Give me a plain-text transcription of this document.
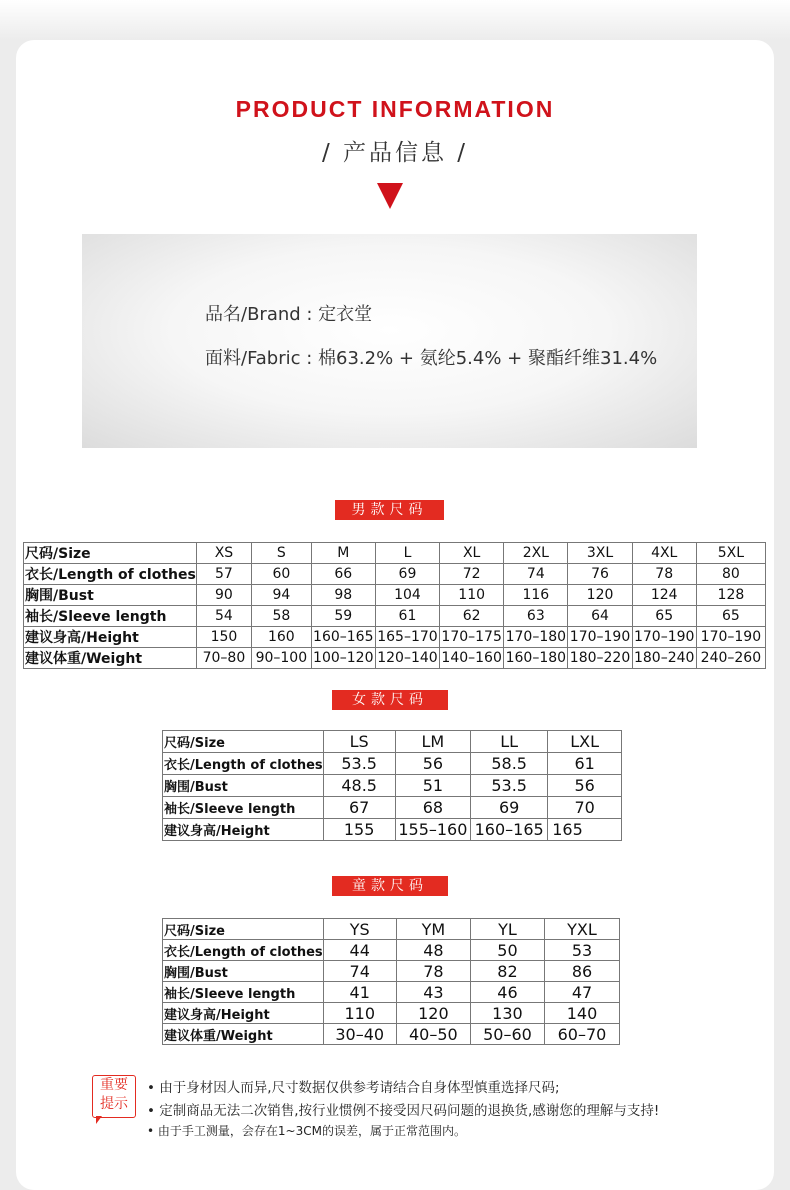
PRODUCT INFORMATION
/ 产品信息 /
品名/Brand : 定衣堂
面料/Fabric : 棉63.2% + 氨纶5.4% + 聚酯纤维31.4%
男款尺码
尺码/Size	XS	S	M	L	XL	2XL	3XL	4XL	5XL
衣长/Length of clothes	57	60	66	69	72	74	76	78	80
胸围/Bust	90	94	98	104	110	116	120	124	128
袖长/Sleeve length	54	58	59	61	62	63	64	65	65
建议身高/Height	150	160	160–165	165–170	170–175	170–180	170–190	170–190	170–190
建议体重/Weight	70–80	90–100	100–120	120–140	140–160	160–180	180–220	180–240	240–260
女款尺码
尺码/Size	LS	LM	LL	LXL
衣长/Length of clothes	53.5	56	58.5	61
胸围/Bust	48.5	51	53.5	56
袖长/Sleeve length	67	68	69	70
建议身高/Height	155	155–160	160–165	165
童款尺码
尺码/Size	YS	YM	YL	YXL
衣长/Length of clothes	44	48	50	53
胸围/Bust	74	78	82	86
袖长/Sleeve length	41	43	46	47
建议身高/Height	110	120	130	140
建议体重/Weight	30–40	40–50	50–60	60–70
重要
提示
• 由于身材因人而异,尺寸数据仅供参考请结合自身体型慎重选择尺码;
• 定制商品无法二次销售,按行业惯例不接受因尺码问题的退换货,感谢您的理解与支持!
• 由于手工测量，会存在1~3CM的误差，属于正常范围内。
